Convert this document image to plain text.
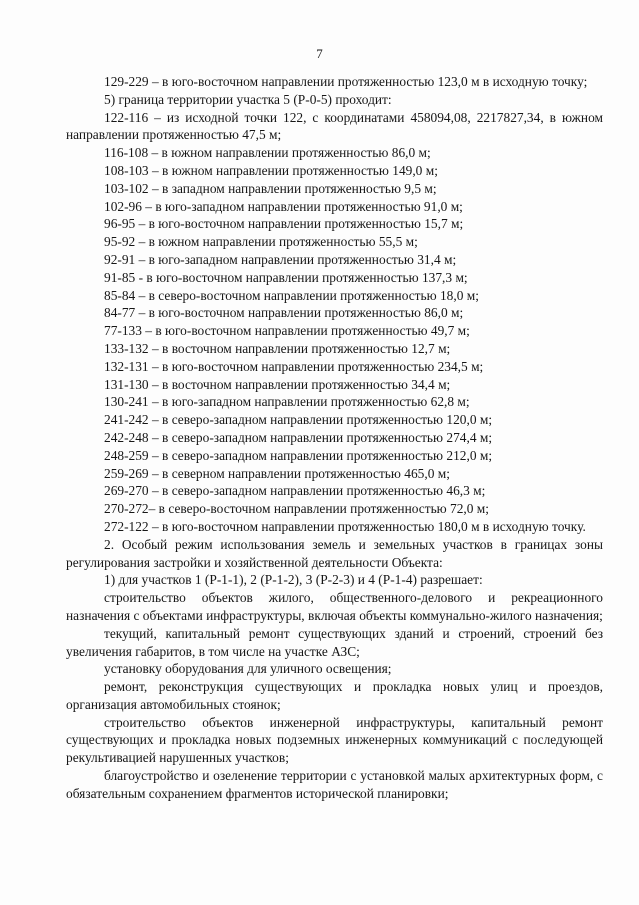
7

129-229 – в юго-восточном направлении протяженностью 123,0 м в исходную точку;

5) граница территории участка 5 (Р-0-5) проходит:

122-116 – из исходной точки 122, с координатами 458094,08, 2217827,34, в южном направлении протяженностью 47,5 м;

116-108 – в южном направлении протяженностью 86,0 м;

108-103 – в южном направлении протяженностью 149,0 м;

103-102 – в западном направлении протяженностью 9,5 м;

102-96 – в юго-западном направлении протяженностью 91,0 м;

96-95 – в юго-восточном направлении протяженностью 15,7 м;

95-92 – в южном направлении протяженностью 55,5 м;

92-91 – в юго-западном направлении протяженностью 31,4 м;

91-85 - в юго-восточном направлении протяженностью 137,3 м;

85-84 – в северо-восточном направлении протяженностью 18,0 м;

84-77 – в юго-восточном направлении протяженностью 86,0 м;

77-133 – в юго-восточном направлении протяженностью 49,7 м;

133-132 – в восточном направлении протяженностью 12,7 м;

132-131 – в юго-восточном направлении протяженностью 234,5 м;

131-130 – в восточном направлении протяженностью 34,4 м;

130-241 – в юго-западном направлении протяженностью 62,8 м;

241-242 – в северо-западном направлении протяженностью 120,0 м;

242-248 – в северо-западном направлении протяженностью 274,4 м;

248-259 – в северо-западном направлении протяженностью 212,0 м;

259-269 – в северном направлении протяженностью 465,0 м;

269-270 – в северо-западном направлении протяженностью 46,3 м;

270-272– в северо-восточном направлении протяженностью 72,0 м;

272-122 – в юго-восточном направлении протяженностью 180,0 м в исходную точку.

2. Особый режим использования земель и земельных участков в границах зоны регулирования застройки и хозяйственной деятельности Объекта:

1) для участков 1 (Р-1-1), 2 (Р-1-2), 3 (Р-2-3) и 4 (Р-1-4) разрешает:

строительство объектов жилого, общественного-делового и рекреационного назначения с объектами инфраструктуры, включая объекты коммунально-жилого назначения;

текущий, капитальный ремонт существующих зданий и строений, строений без увеличения габаритов, в том числе на участке АЗС;

установку оборудования для уличного освещения;

ремонт, реконструкция существующих и прокладка новых улиц и проездов, организация автомобильных стоянок;

строительство объектов инженерной инфраструктуры, капитальный ремонт существующих и прокладка новых подземных инженерных коммуникаций с последующей рекультивацией нарушенных участков;

благоустройство и озеленение территории с установкой малых архитектурных форм, с обязательным сохранением фрагментов исторической планировки;
